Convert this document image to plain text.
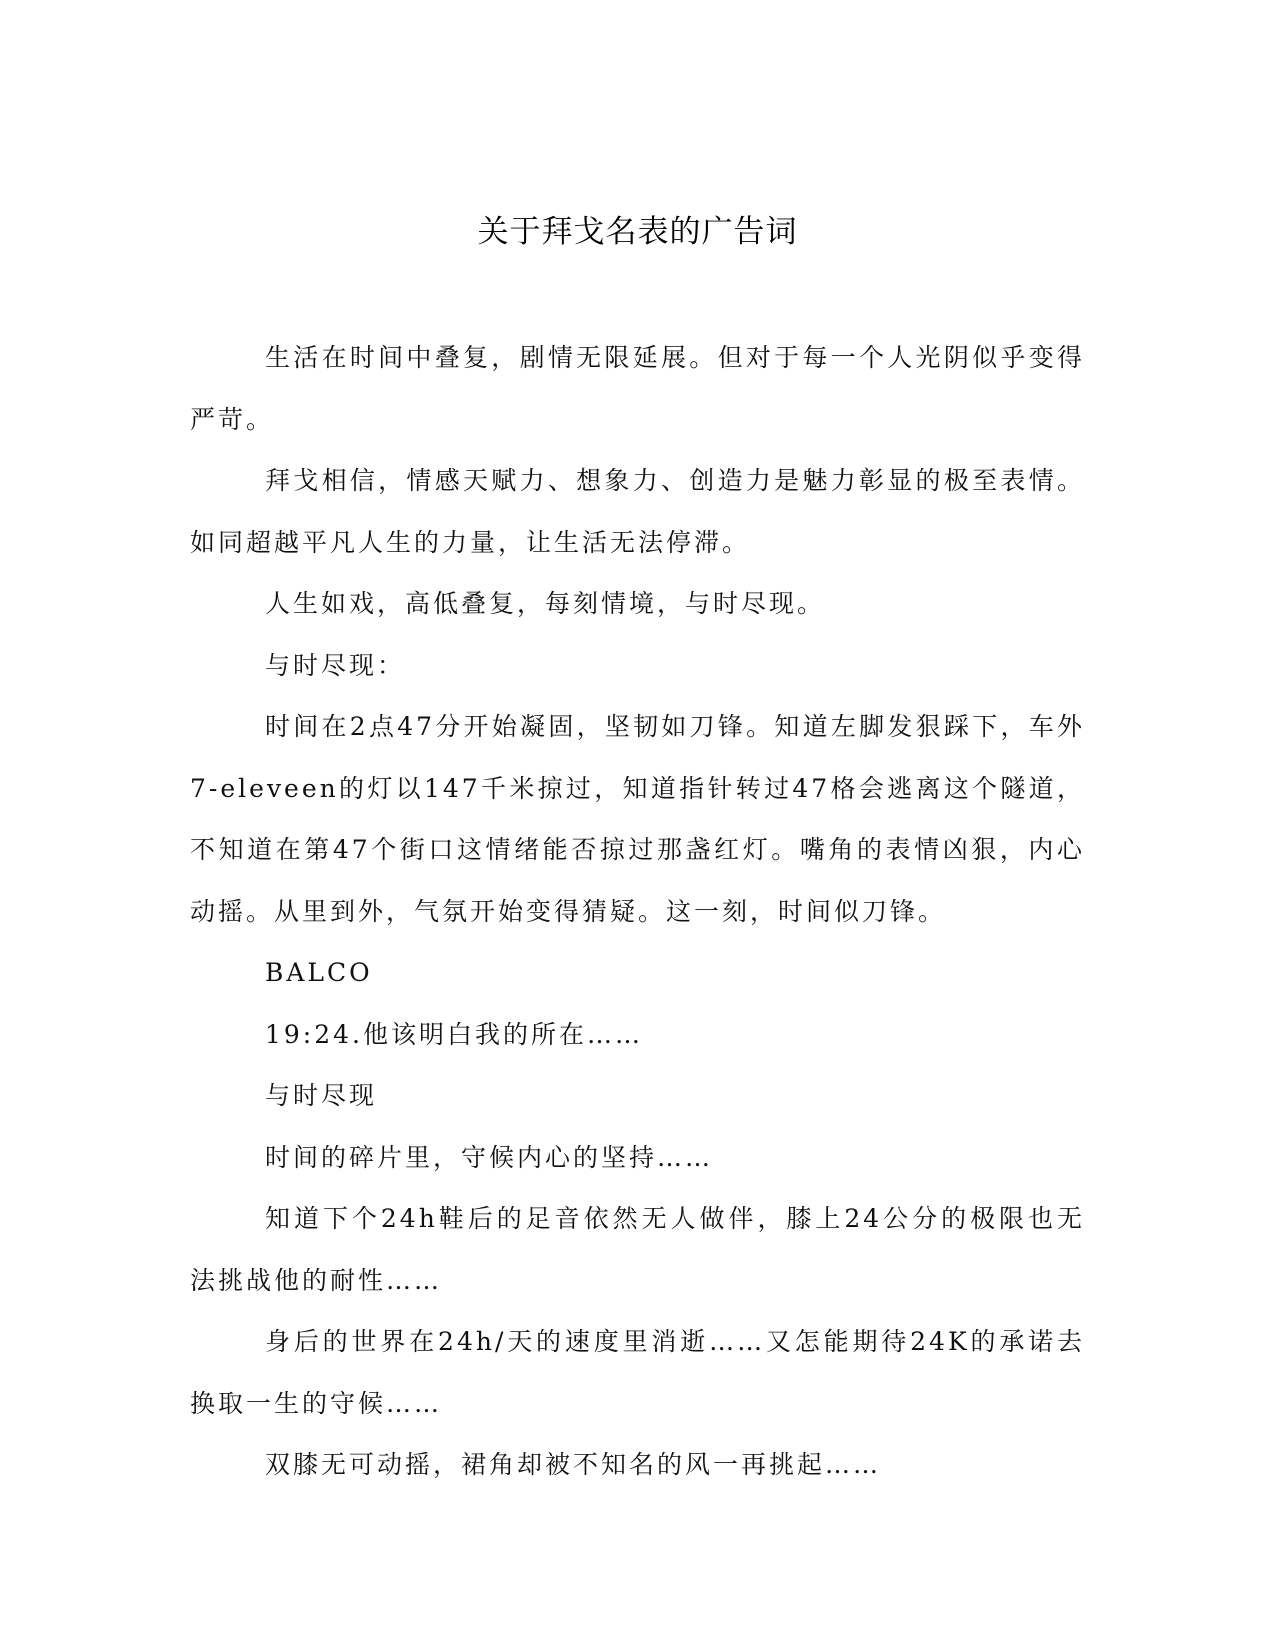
关于拜戈名表的广告词

生活在时间中叠复，剧情无限延展。但对于每一个人光阴似乎变得严苛。

拜戈相信，情感天赋力、想象力、创造力是魅力彰显的极至表情。如同超越平凡人生的力量，让生活无法停滞。

人生如戏，高低叠复，每刻情境，与时尽现。

与时尽现：

时间在2点47分开始凝固，坚韧如刀锋。知道左脚发狠踩下，车外7-eleveen的灯以147千米掠过，知道指针转过47格会逃离这个隧道，不知道在第47个街口这情绪能否掠过那盏红灯。嘴角的表情凶狠，内心动摇。从里到外，气氛开始变得猜疑。这一刻，时间似刀锋。

BALCO

19:24.他该明白我的所在……

与时尽现

时间的碎片里，守候内心的坚持……

知道下个24h鞋后的足音依然无人做伴，膝上24公分的极限也无法挑战他的耐性……

身后的世界在24h/天的速度里消逝……又怎能期待24K的承诺去换取一生的守候……

双膝无可动摇，裙角却被不知名的风一再挑起……
